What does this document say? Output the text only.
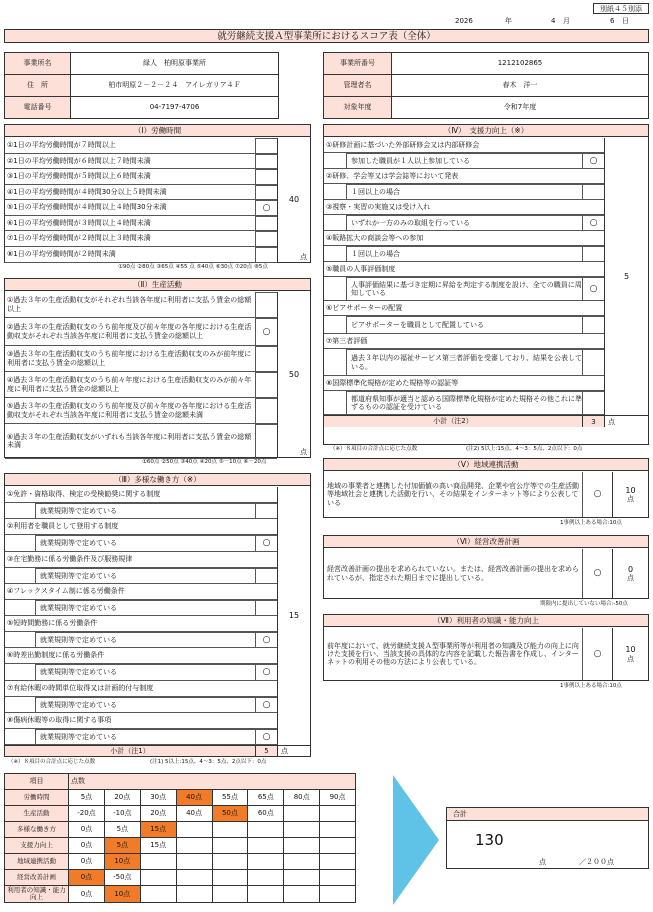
別紙４５別添
2026	年	4 月	6 日
就労継続支援Ａ型事業所におけるスコア表（全体）
事業所名	緑人　柏明原事業所
住　所	柏市明原２－２－２４　アイレガリア４Ｆ
電話番号	04-7197-4706
事業所番号	1212102865
管理者名	春木　洋一
対象年度	令和7年度
（Ⅰ）労働時間
①1日の平均労働時間が７時間以上
②1日の平均労働時間が６時間以上７時間未満
③1日の平均労働時間が５時間以上６時間未満
④1日の平均労働時間が４時間30分以上５時間未満
⑤1日の平均労働時間が４時間以上４時間30分未満	○
⑥1日の平均労働時間が３時間以上４時間未満
⑦1日の平均労働時間が２時間以上３時間未満
⑧1日の平均労働時間が２時間未満
40
点
①90点 ②80点 ③65点 ④55 点 ⑤40点 ⑥30点 ⑦20点 ⑧5点
（Ⅱ）生産活動
①過去３年の生産活動収支がそれぞれ当該各年度に利用者に支払う賃金の総額以上
②過去３年の生産活動収支のうち前年度及び前々年度の各年度における生産活動収支がそれぞれ当該各年度に利用者に支払う賃金の総額以上	○
③過去３年の生産活動収支のうち前年度における生産活動収支のみが前年度に利用者に支払う賃金の総額以上
④過去３年の生産活動収支のうち前々年度における生産活動収支のみが前々年度に利用者に支払う賃金の総額以上
⑤過去３年の生産活動収支のうち前年度及び前々年度の各年度における生産活動収支がそれぞれ当該各年度に利用者に支払う賃金の総額未満
⑥過去３年の生産活動収支がいずれも当該各年度に利用者に支払う賃金の総額未満
50
点
①60点 ②50点 ③40点 ④20点 ⑤－10点 ⑥－20点
（Ⅲ）多様な働き方（※）
①免許・資格取得、検定の受検勧奨に関する制度
就業規則等で定めている
②利用者を職員として登用する制度
就業規則等で定めている	○
③在宅勤務に係る労働条件及び服務規律
就業規則等で定めている
④フレックスタイム制に係る労働条件
就業規則等で定めている
⑤短時間勤務に係る労働条件
就業規則等で定めている	○
⑥時差出勤制度に係る労働条件
就業規則等で定めている	○
⑦有給休暇の時間単位取得又は計画的付与制度
就業規則等で定めている	○
⑧傷病休暇等の取得に関する事項
就業規則等で定めている	○
小計（注1）	5	点
15
（※）８項目の合計点に応じた点数	(注1) 5以上:15点、4～3：5点、2点以下：0点
（Ⅳ）　支援力向上（※）
①研修計画に基づいた外部研修会又は内部研修会
参加した職員が１人以上参加している	○
②研修、学会等又は学会誌等において発表
１回以上の場合
③視察・実習の実施又は受け入れ
いずれか一方のみの取組を行っている	○
④販路拡大の商談会等への参加
１回以上の場合
⑤職員の人事評価制度
人事評価結果に基づき定期に昇給を判定する制度を設け、全ての職員に周知している	○
⑥ピアサポーターの配置
ピアサポーターを職員として配置している
⑦第三者評価
過去３年以内の福祉サービス第三者評価を受審しており、結果を公表している。
⑧国際標準化規格が定めた規格等の認証等
都道府県知事が適当と認める国際標準化規格が定めた規格その他これに準ずるものの認証を受けている
小計（注2）	3	点
5
（※）８項目の合計点に応じた点数	(注2) 5以上:15点、4～3：5点、2点以下：0点
（Ⅴ）地域連携活動
地域の事業者と連携した付加価値の高い商品開発、企業や官公庁等での生産活動等地域社会と連携した活動を行い、その結果をインターネット等により公表している
○	10
点
1事例以上ある場合:10点
（Ⅵ）経営改善計画
経営改善計画の提出を求められていない。または、経営改善計画の提出を求められているが、指定された期日までに提出している。	○	0
点
期限内に提出していない場合:-50点
（Ⅶ）利用者の知識・能力向上
前年度において、就労継続支援Ａ型事業所等が利用者の知識及び能力の向上に向けた支援を行い、当該支援の具体的な内容を記載した報告書を作成し、インターネットの利用その他の方法により公表している。
○	10
点
1事例以上ある場合:10点
項目	点数							
労働時間	5点	20点	30点	40点	55点	65点	80点	90点
生産活動	-20点	-10点	20点	40点	50点	60点		
多様な働き方	0点	5点	15点					
支援力向上	0点	5点	15点					
地域連携活動	0点	10点						
経営改善計画	0点	-50点						
利用者の知識・能力向上	0点	10点						
合計
130
点	／２００点
